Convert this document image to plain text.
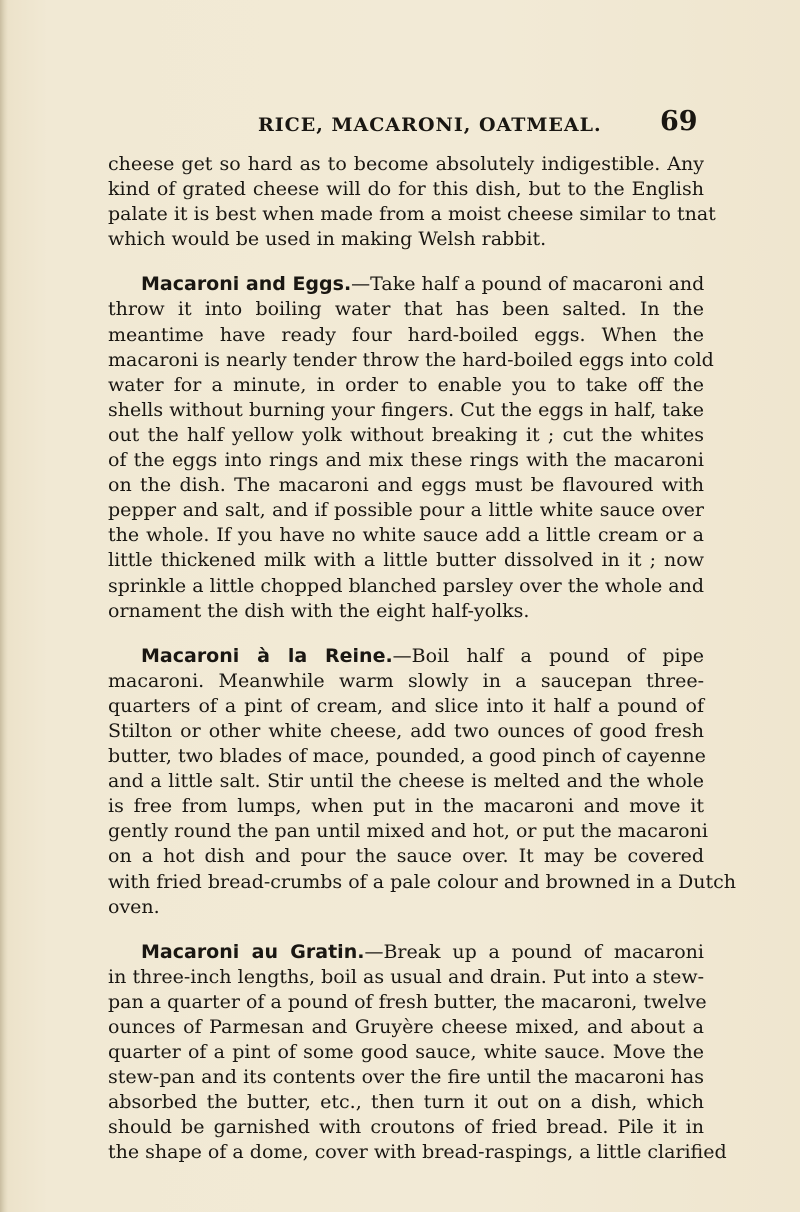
RICE, MACARONI, OATMEAL. 69
cheese get so hard as to become absolutely indigestible. Any
kind of grated cheese will do for this dish, but to the English
palate it is best when made from a moist cheese similar to tnat
which would be used in making Welsh rabbit.
Macaroni and Eggs.—Take half a pound of macaroni and
throw it into boiling water that has been salted. In the
meantime have ready four hard-boiled eggs. When the
macaroni is nearly tender throw the hard-boiled eggs into cold
water for a minute, in order to enable you to take off the
shells without burning your fingers. Cut the eggs in half, take
out the half yellow yolk without breaking it ; cut the whites
of the eggs into rings and mix these rings with the macaroni
on the dish. The macaroni and eggs must be flavoured with
pepper and salt, and if possible pour a little white sauce over
the whole. If you have no white sauce add a little cream or a
little thickened milk with a little butter dissolved in it ; now
sprinkle a little chopped blanched parsley over the whole and
ornament the dish with the eight half-yolks.
Macaroni à la Reine.—Boil half a pound of pipe
macaroni. Meanwhile warm slowly in a saucepan three-
quarters of a pint of cream, and slice into it half a pound of
Stilton or other white cheese, add two ounces of good fresh
butter, two blades of mace, pounded, a good pinch of cayenne
and a little salt. Stir until the cheese is melted and the whole
is free from lumps, when put in the macaroni and move it
gently round the pan until mixed and hot, or put the macaroni
on a hot dish and pour the sauce over. It may be covered
with fried bread-crumbs of a pale colour and browned in a Dutch
oven.
Macaroni au Gratin.—Break up a pound of macaroni
in three-inch lengths, boil as usual and drain. Put into a stew-
pan a quarter of a pound of fresh butter, the macaroni, twelve
ounces of Parmesan and Gruyère cheese mixed, and about a
quarter of a pint of some good sauce, white sauce. Move the
stew-pan and its contents over the fire until the macaroni has
absorbed the butter, etc., then turn it out on a dish, which
should be garnished with croutons of fried bread. Pile it in
the shape of a dome, cover with bread-raspings, a little clarified
